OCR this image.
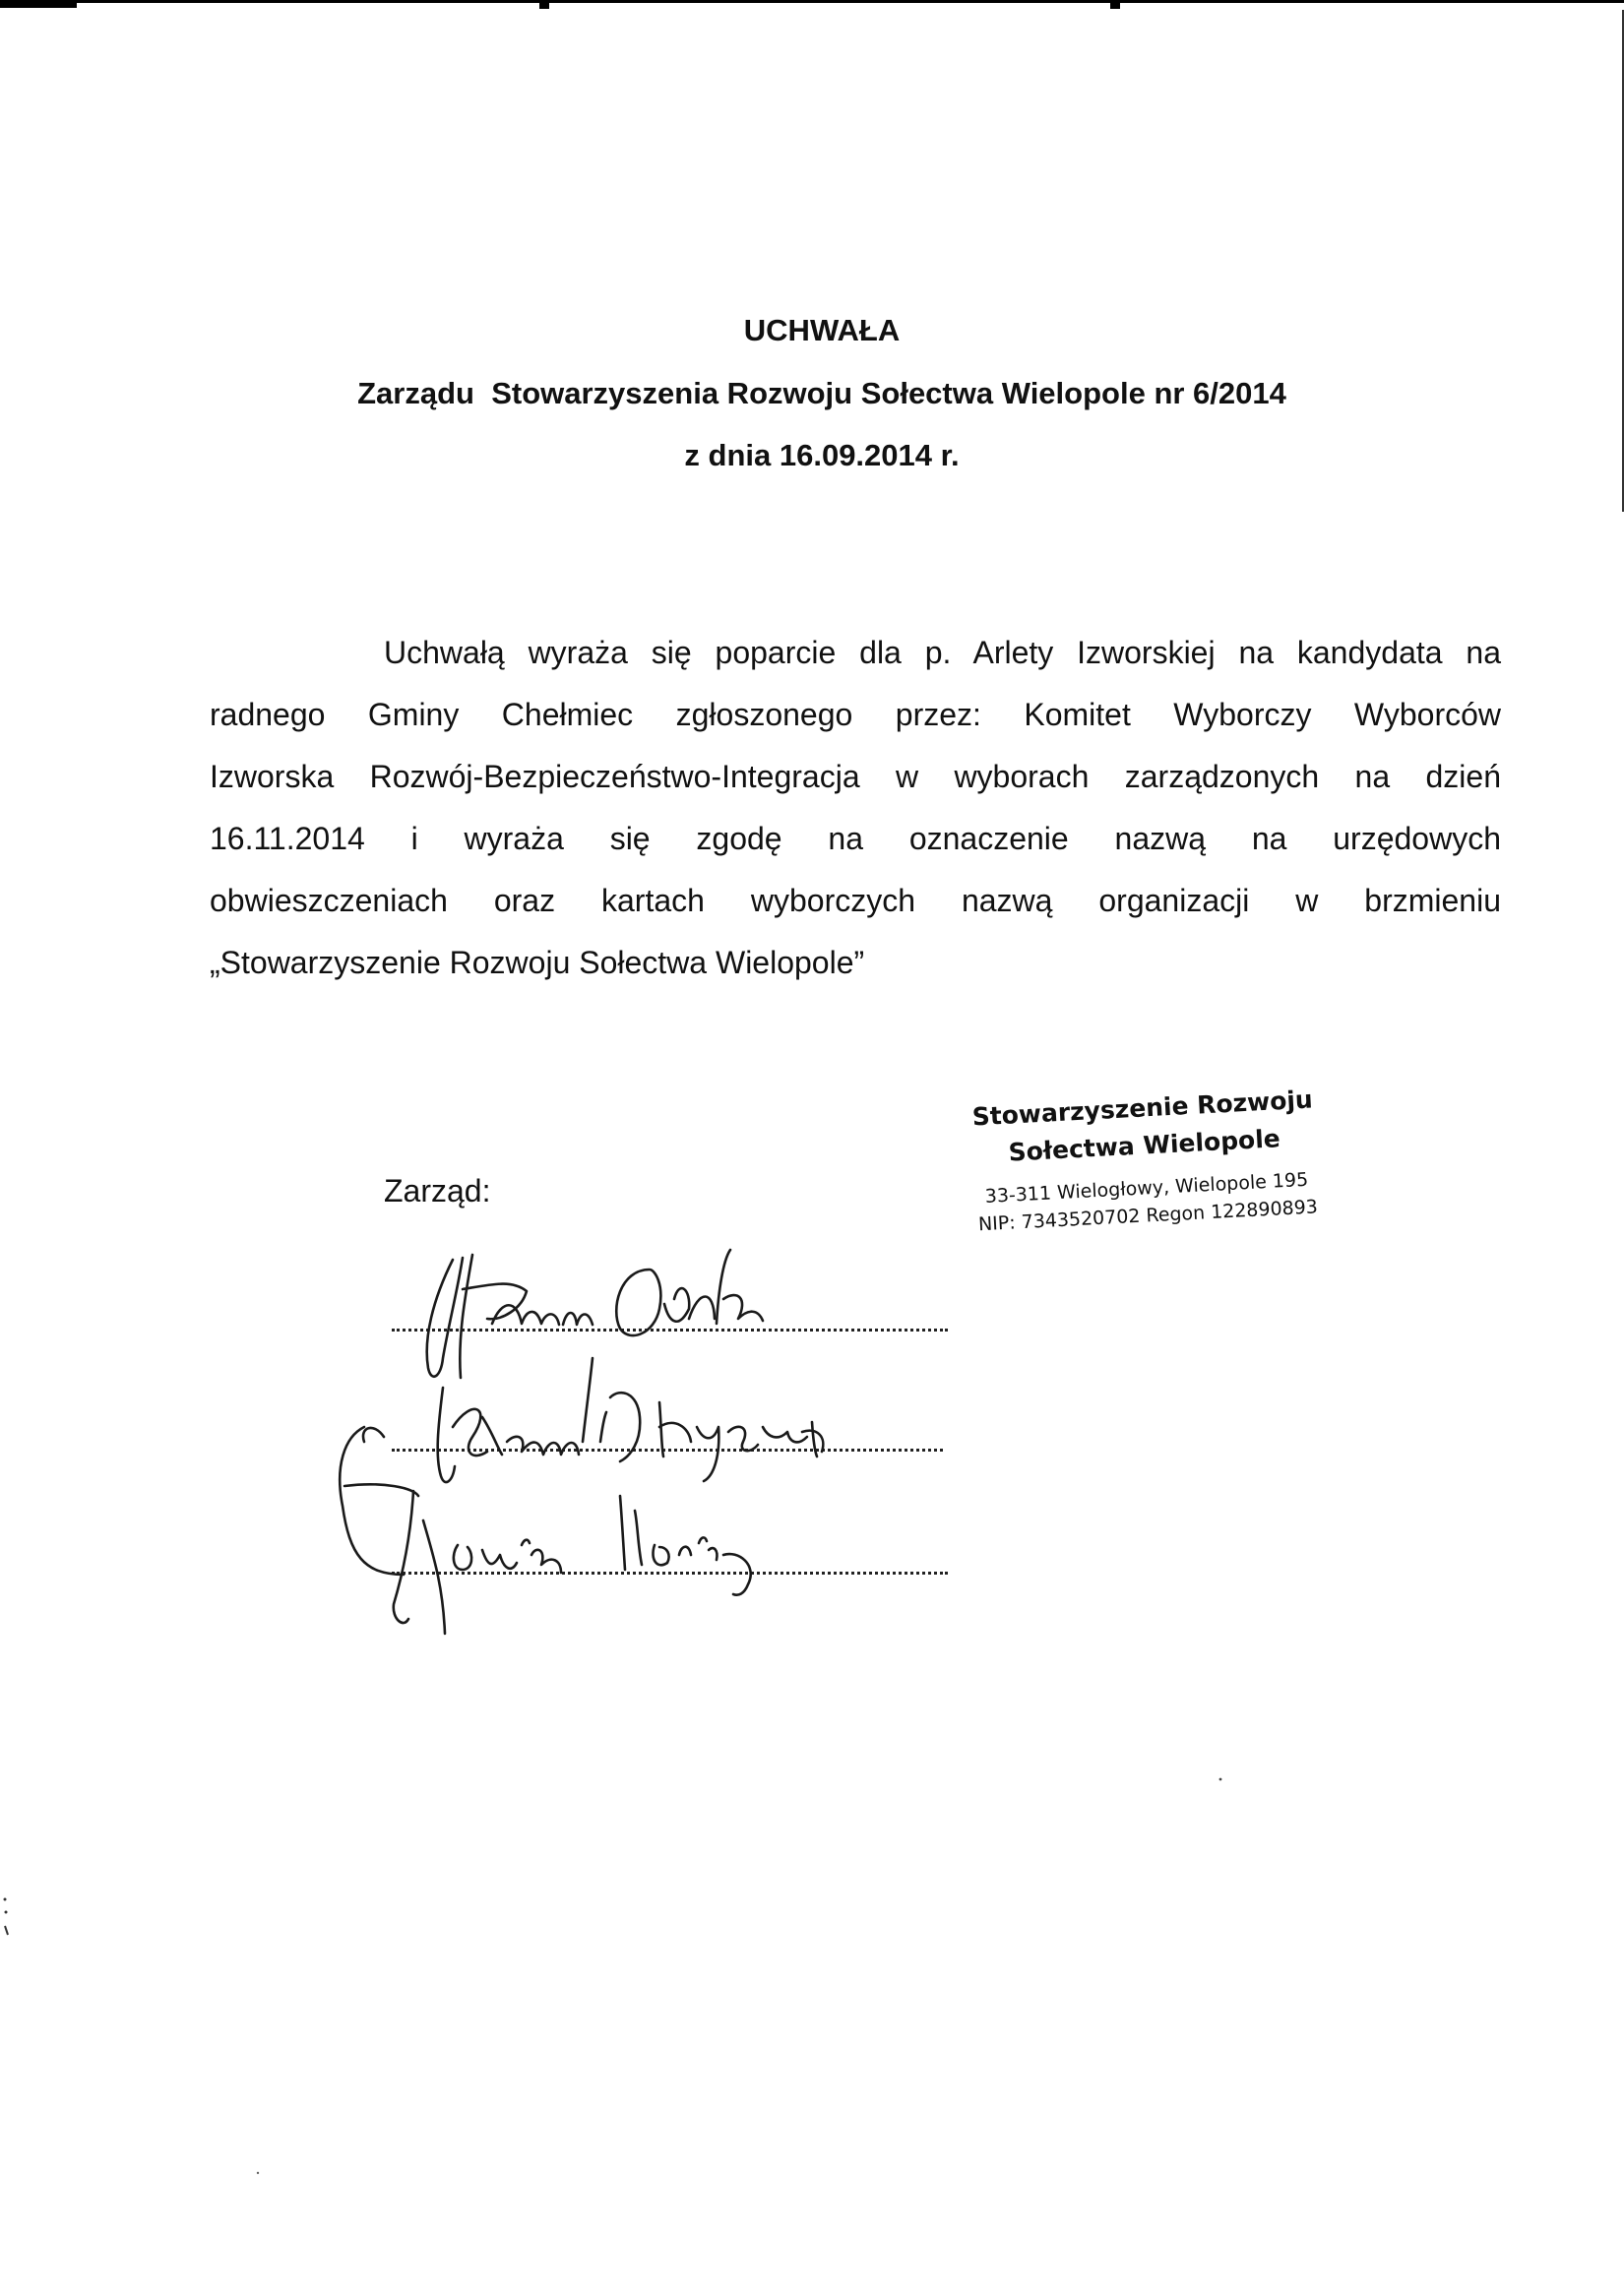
UCHWAŁA
Zarządu  Stowarzyszenia Rozwoju Sołectwa Wielopole nr 6/2014
z dnia 16.09.2014 r.
Uchwałą wyraża się poparcie dla p. Arlety Izworskiej na kandydata na
radnego Gminy Chełmiec zgłoszonego przez: Komitet Wyborczy Wyborców
Izworska Rozwój-Bezpieczeństwo-Integracja w wyborach zarządzonych na dzień
16.11.2014 i wyraża się zgodę na oznaczenie nazwą na urzędowych
obwieszczeniach oraz kartach wyborczych nazwą organizacji w brzmieniu
„Stowarzyszenie Rozwoju Sołectwa Wielopole”
Stowarzyszenie Rozwoju
Sołectwa Wielopole
33-311 Wielogłowy, Wielopole 195
NIP: 7343520702 Regon 122890893
Zarząd:
